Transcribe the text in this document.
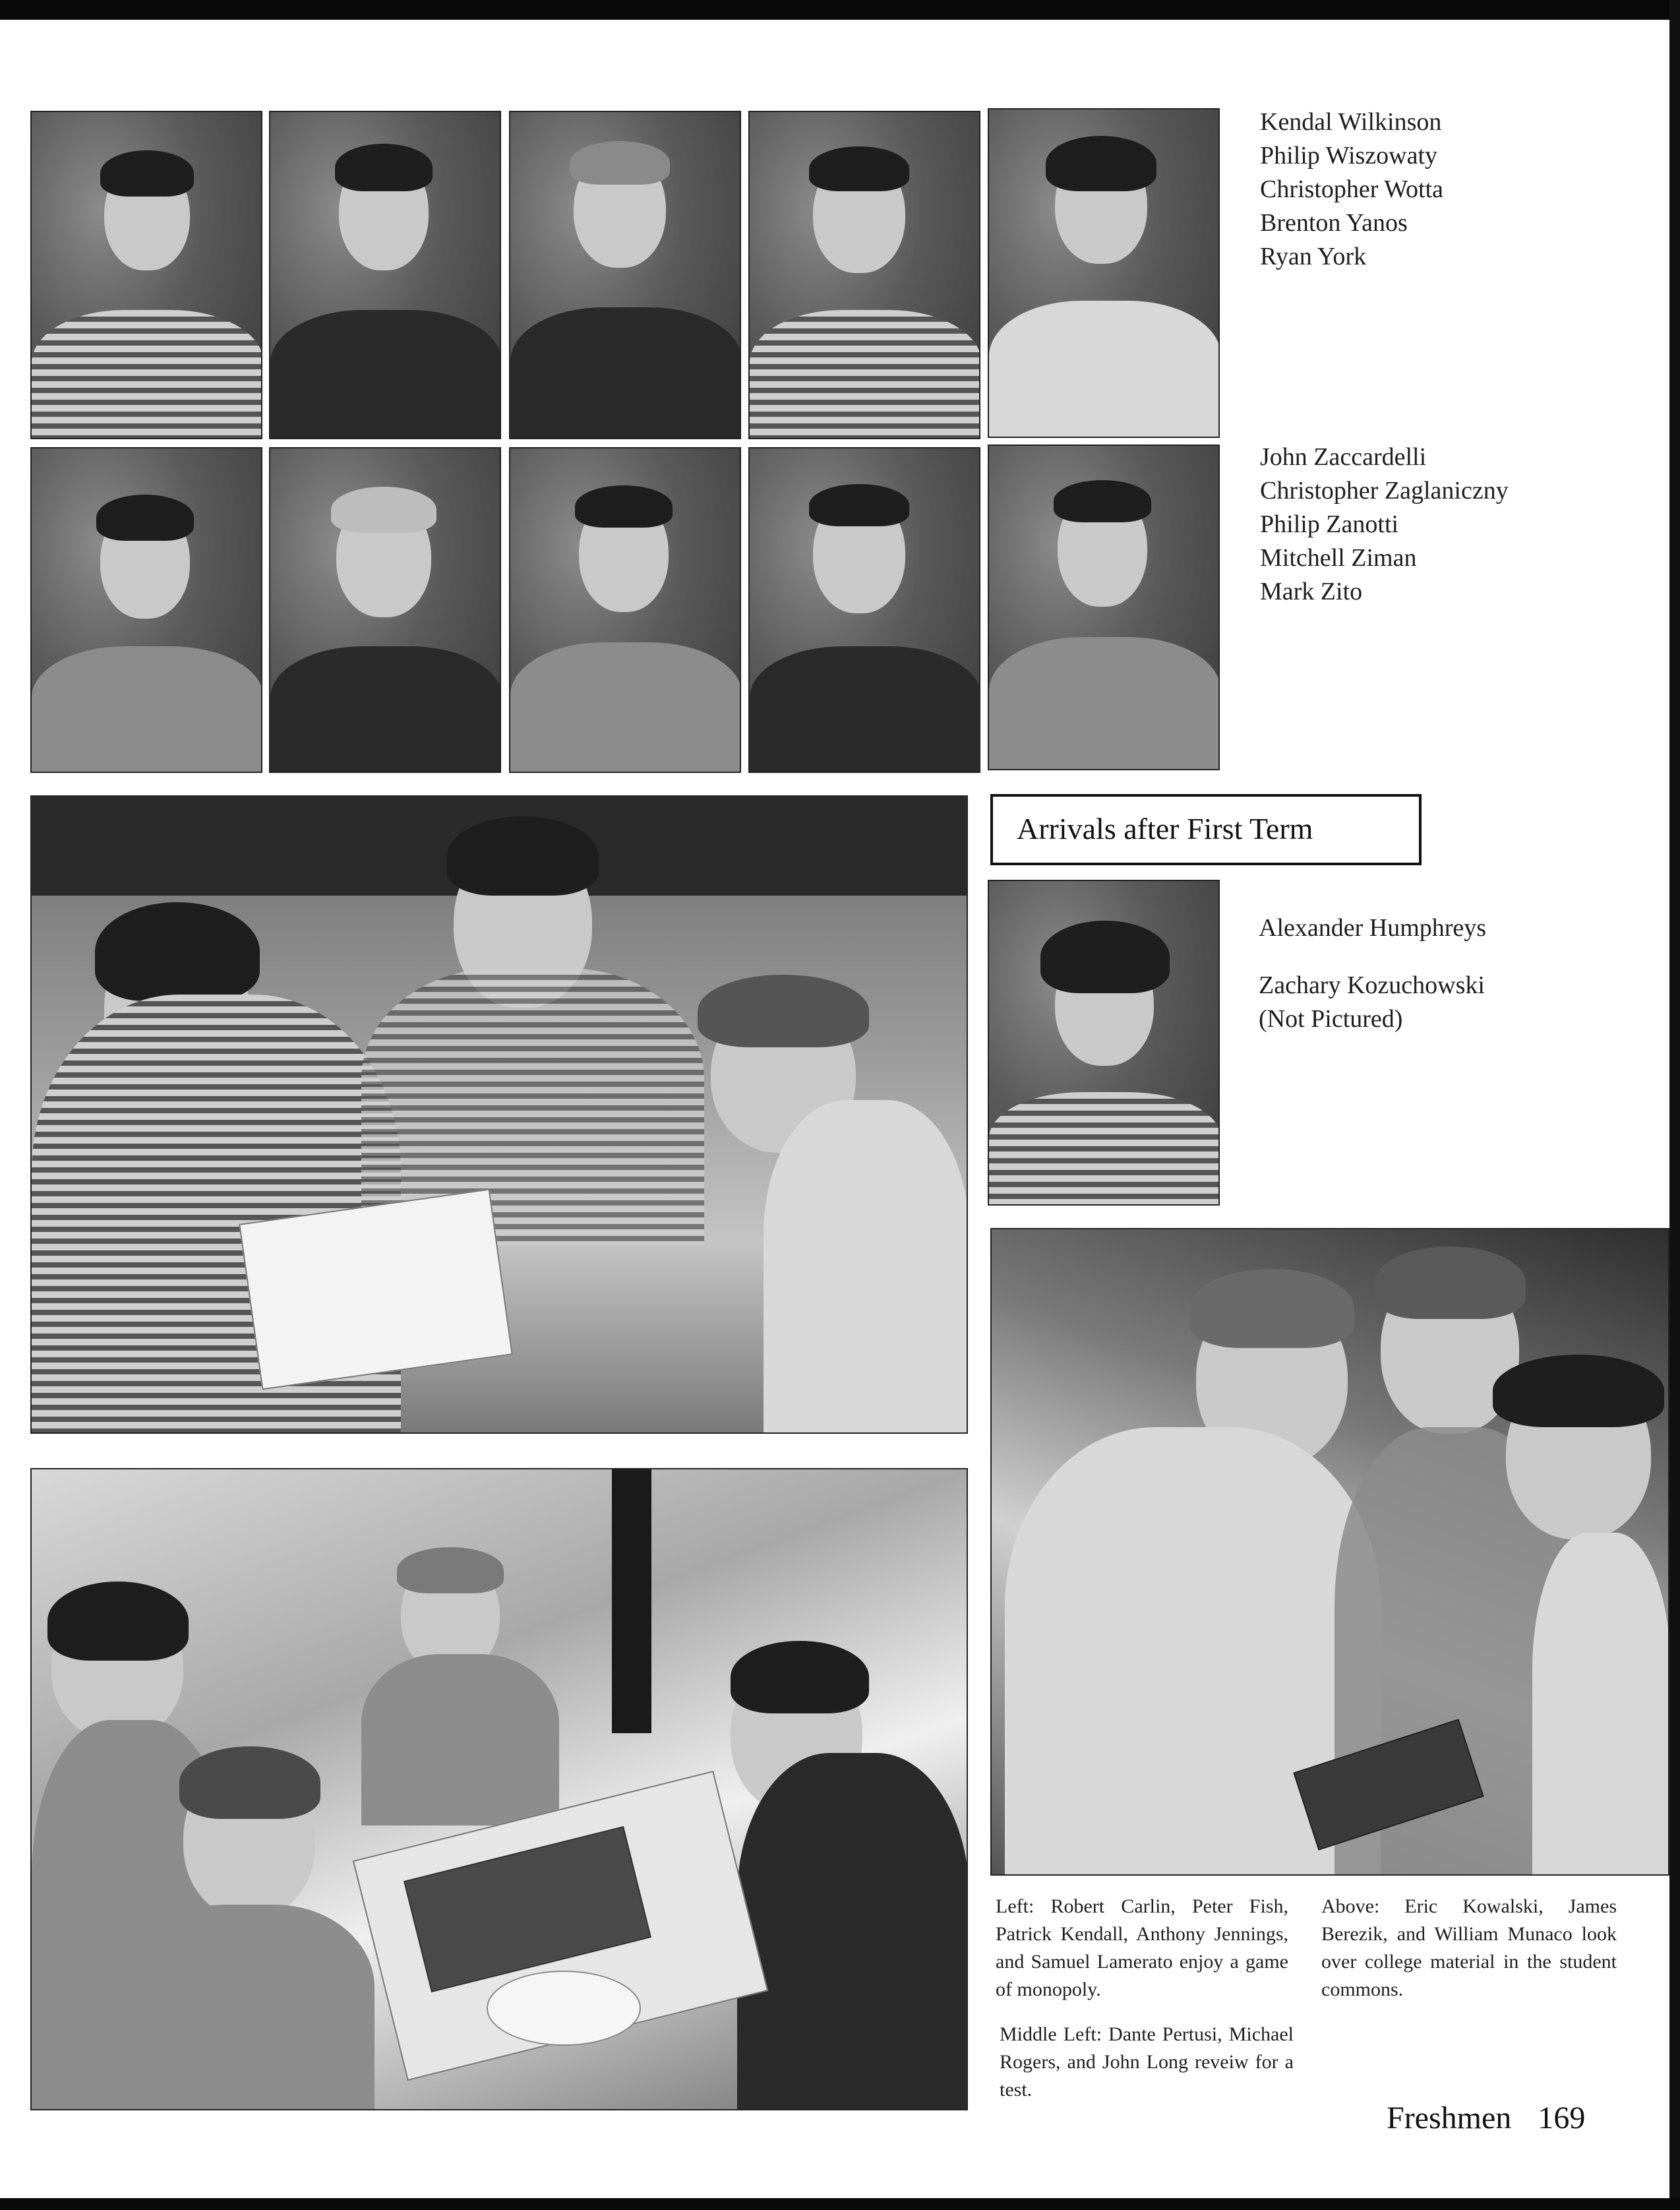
Kendal Wilkinson
Philip Wiszowaty
Christopher Wotta
Brenton Yanos
Ryan York
John Zaccardelli
Christopher Zaglaniczny
Philip Zanotti
Mitchell Ziman
Mark Zito
Arrivals after First Term
Alexander Humphreys
Zachary Kozuchowski
(Not Pictured)
Left: Robert Carlin, Peter Fish, Patrick Kendall, Anthony Jennings, and Samuel Lamerato enjoy a game of monopoly.
Above: Eric Kowalski, James Berezik, and William Munaco look over college material in the student commons.
Middle Left: Dante Pertusi, Michael Rogers, and John Long reveiw for a test.
Freshmen 169
